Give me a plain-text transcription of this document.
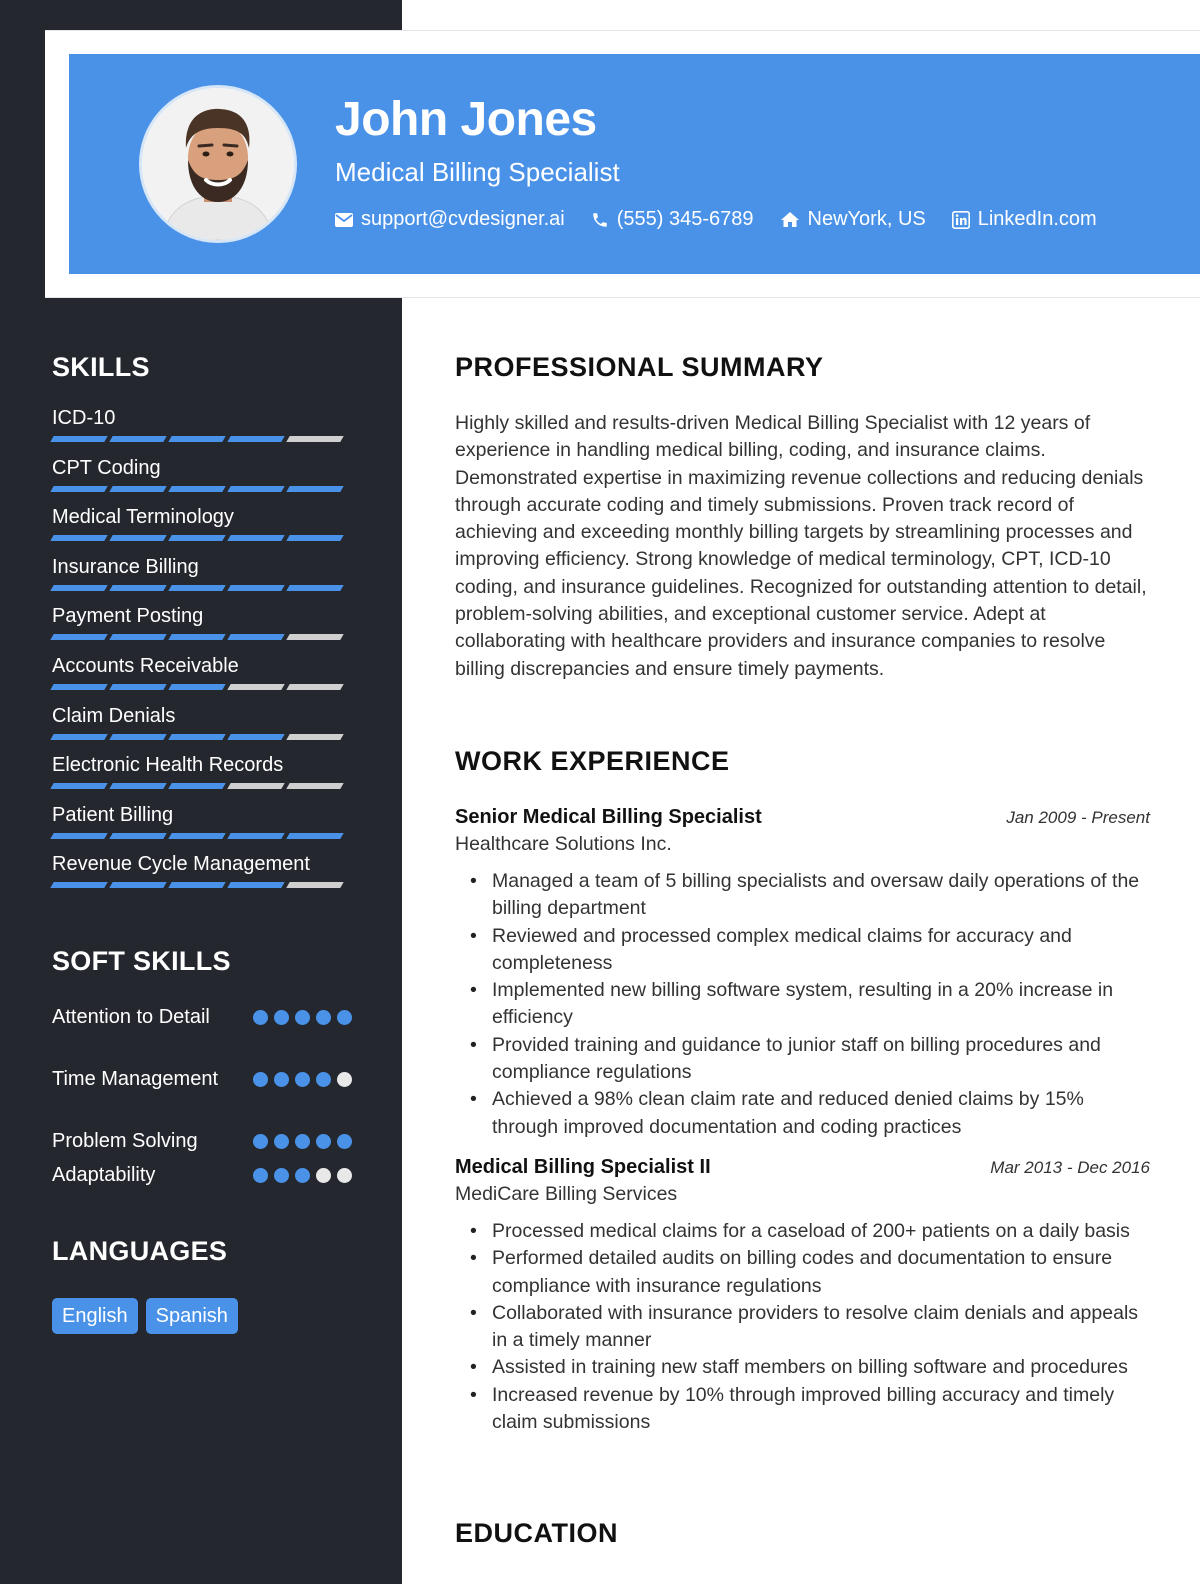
John Jones
Medical Billing Specialist
support@cvdesigner.ai	(555) 345-6789	NewYork, US	LinkedIn.com
SKILLS
ICD-10
CPT Coding
Medical Terminology
Insurance Billing
Payment Posting
Accounts Receivable
Claim Denials
Electronic Health Records
Patient Billing
Revenue Cycle Management
SOFT SKILLS
Attention to Detail
Time Management
Problem Solving
Adaptability
LANGUAGES
English	Spanish
PROFESSIONAL SUMMARY
Highly skilled and results-driven Medical Billing Specialist with 12 years of experience in handling medical billing, coding, and insurance claims. Demonstrated expertise in maximizing revenue collections and reducing denials through accurate coding and timely submissions. Proven track record of achieving and exceeding monthly billing targets by streamlining processes and improving efficiency. Strong knowledge of medical terminology, CPT, ICD-10 coding, and insurance guidelines. Recognized for outstanding attention to detail, problem-solving abilities, and exceptional customer service. Adept at collaborating with healthcare providers and insurance companies to resolve billing discrepancies and ensure timely payments.
WORK EXPERIENCE
Senior Medical Billing Specialist	Jan 2009 - Present
Healthcare Solutions Inc.
• Managed a team of 5 billing specialists and oversaw daily operations of the billing department
• Reviewed and processed complex medical claims for accuracy and completeness
• Implemented new billing software system, resulting in a 20% increase in efficiency
• Provided training and guidance to junior staff on billing procedures and compliance regulations
• Achieved a 98% clean claim rate and reduced denied claims by 15% through improved documentation and coding practices
Medical Billing Specialist II	Mar 2013 - Dec 2016
MediCare Billing Services
• Processed medical claims for a caseload of 200+ patients on a daily basis
• Performed detailed audits on billing codes and documentation to ensure compliance with insurance regulations
• Collaborated with insurance providers to resolve claim denials and appeals in a timely manner
• Assisted in training new staff members on billing software and procedures
• Increased revenue by 10% through improved billing accuracy and timely claim submissions
EDUCATION
